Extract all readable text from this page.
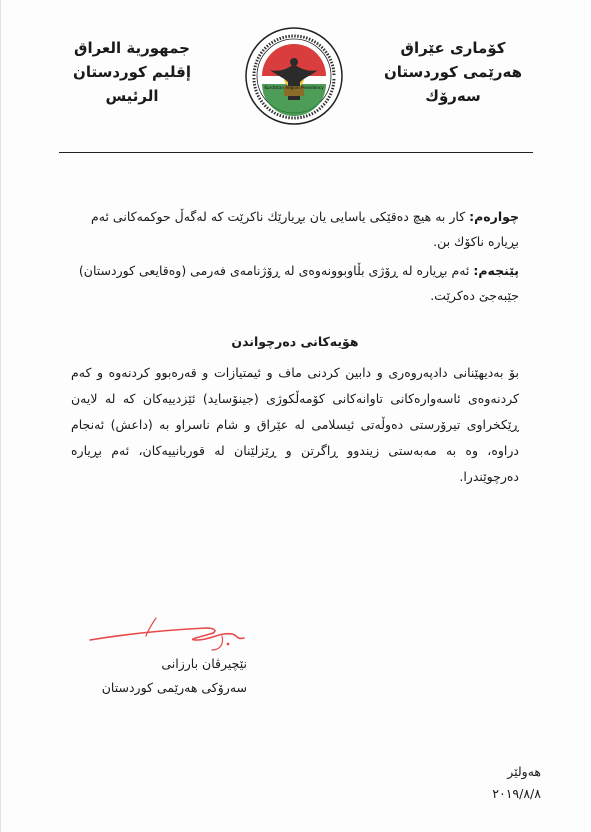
جمهورية العراق
إقليم كوردستان
الرئيس	Kurdistan Region Presidency
كۆماری عێراق
هەرێمی كوردستان
سەرۆك
چوارەم: كار بە هیچ دەقێكی یاسایی یان بڕیارێك ناكرێت كە لەگەڵ حوكمەكانی ئەم بڕیارە ناكۆك بن.
پێنجەم: ئەم بڕیارە لە ڕۆژی بڵاوبوونەوەی لە ڕۆژنامەی فەرمی (وەقایعی كوردستان) جێبەجێ دەكرێت.
هۆیەكانی دەرچواندن
بۆ بەدیهێنانی دادپەروەری و دابین كردنی ماف و ئیمتیازات و قەرەبوو كردنەوە و كەم كردنەوەی ئاسەوارەكانی تاوانەكانی كۆمەڵكوژی (جینۆساید) ئێزدییەكان كە لە لایەن ڕێكخراوی تیرۆرستی دەوڵەتی ئیسلامی لە عێراق و شام ناسراو بە (داعش) ئەنجام دراوە، وە بە مەبەستی زیندوو ڕاگرتن و ڕێزلێنان لە قوربانییەكان، ئەم بڕیارە دەرچوێندرا.
نێچیرڤان بارزانی
سەرۆكی هەرێمی كوردستان
هەولێر
٢٠١٩/٨/٨
